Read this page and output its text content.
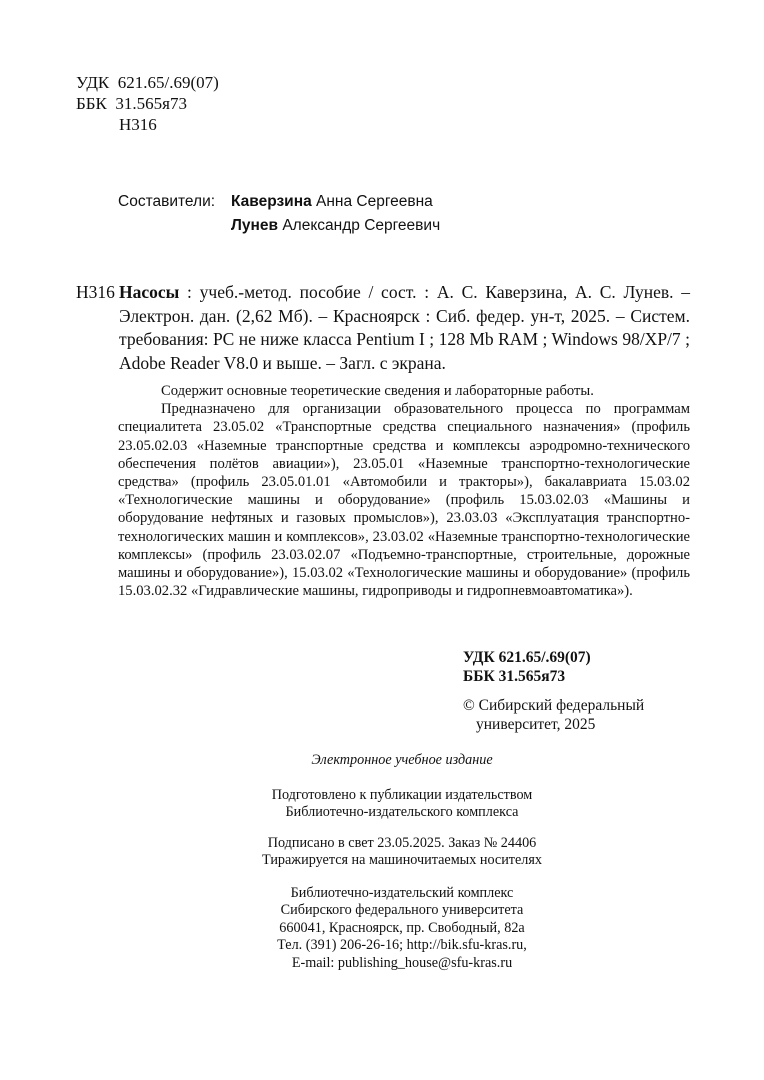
УДК 621.65/.69(07)
ББК 31.565я73
Н316
Составители: Каверзина Анна Сергеевна
Лунев Александр Сергеевич
Н316 Насосы : учеб.-метод. пособие / сост. : А. С. Каверзина, А. С. Лунев. – Электрон. дан. (2,62 Мб). – Красноярск : Сиб. федер. ун-т, 2025. – Систем. требования: PC не ниже класса Pentium I ; 128 Mb RAM ; Windows 98/XP/7 ; Adobe Reader V8.0 и выше. – Загл. с экрана.

Содержит основные теоретические сведения и лабораторные работы.

Предназначено для организации образовательного процесса по программам специалитета 23.05.02 «Транспортные средства специального назначения» (профиль 23.05.02.03 «Наземные транспортные средства и комплексы аэродромно-технического обеспечения полётов авиации»), 23.05.01 «Наземные транспортно-технологические средства» (профиль 23.05.01.01 «Автомобили и тракторы»), бакалавриата 15.03.02 «Технологические машины и оборудование» (профиль 15.03.02.03 «Машины и оборудование нефтяных и газовых промыслов»), 23.03.03 «Эксплуатация транспортно-технологических машин и комплексов», 23.03.02 «Наземные транспортно-технологические комплексы» (профиль 23.03.02.07 «Подъемно-транспортные, строительные, дорожные машины и оборудование»), 15.03.02 «Технологические машины и оборудование» (профиль 15.03.02.32 «Гидравлические машины, гидроприводы и гидропневмоавтоматика»).

УДК 621.65/.69(07)
ББК 31.565я73
© Сибирский федеральный
университет, 2025
Электронное учебное издание
Подготовлено к публикации издательством
Библиотечно-издательского комплекса
Подписано в свет 23.05.2025. Заказ № 24406
Тиражируется на машиночитаемых носителях
Библиотечно-издательский комплекс
Сибирского федерального университета
660041, Красноярск, пр. Свободный, 82а
Тел. (391) 206-26-16; http://bik.sfu-kras.ru,
E-mail: publishing_house@sfu-kras.ru
